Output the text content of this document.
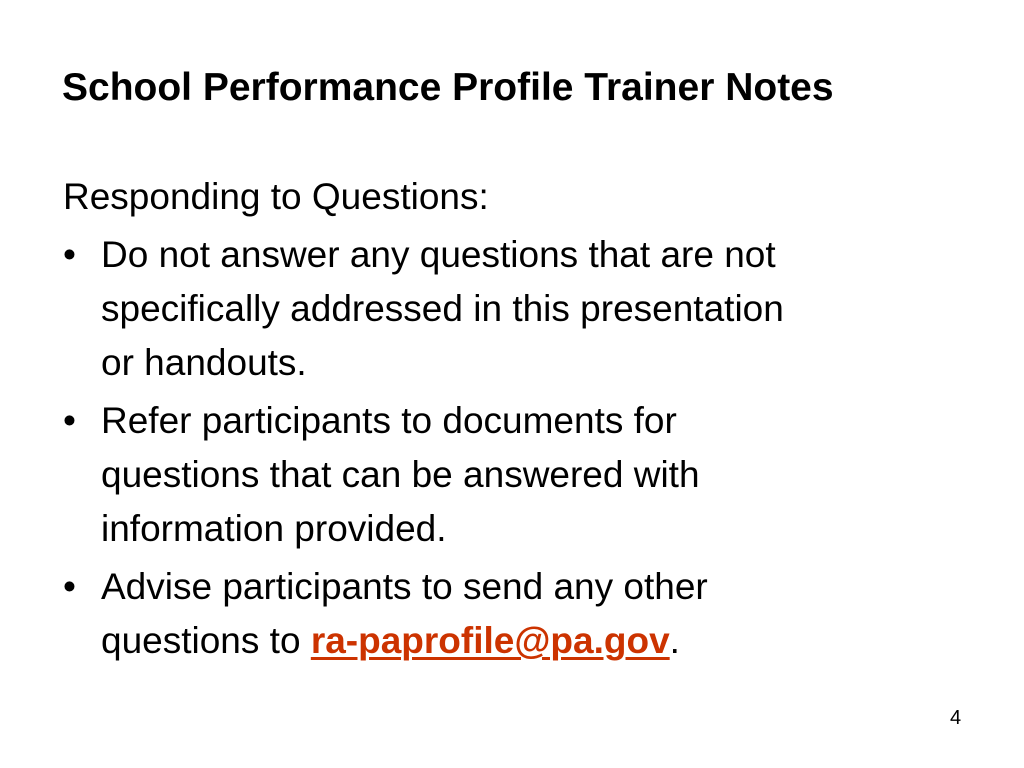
School Performance Profile Trainer Notes

Responding to Questions:

• Do not answer any questions that are not
specifically addressed in this presentation
or handouts.
• Refer participants to documents for
questions that can be answered with
information provided.
• Advise participants to send any other
questions to ra-paprofile@pa.gov.
4
